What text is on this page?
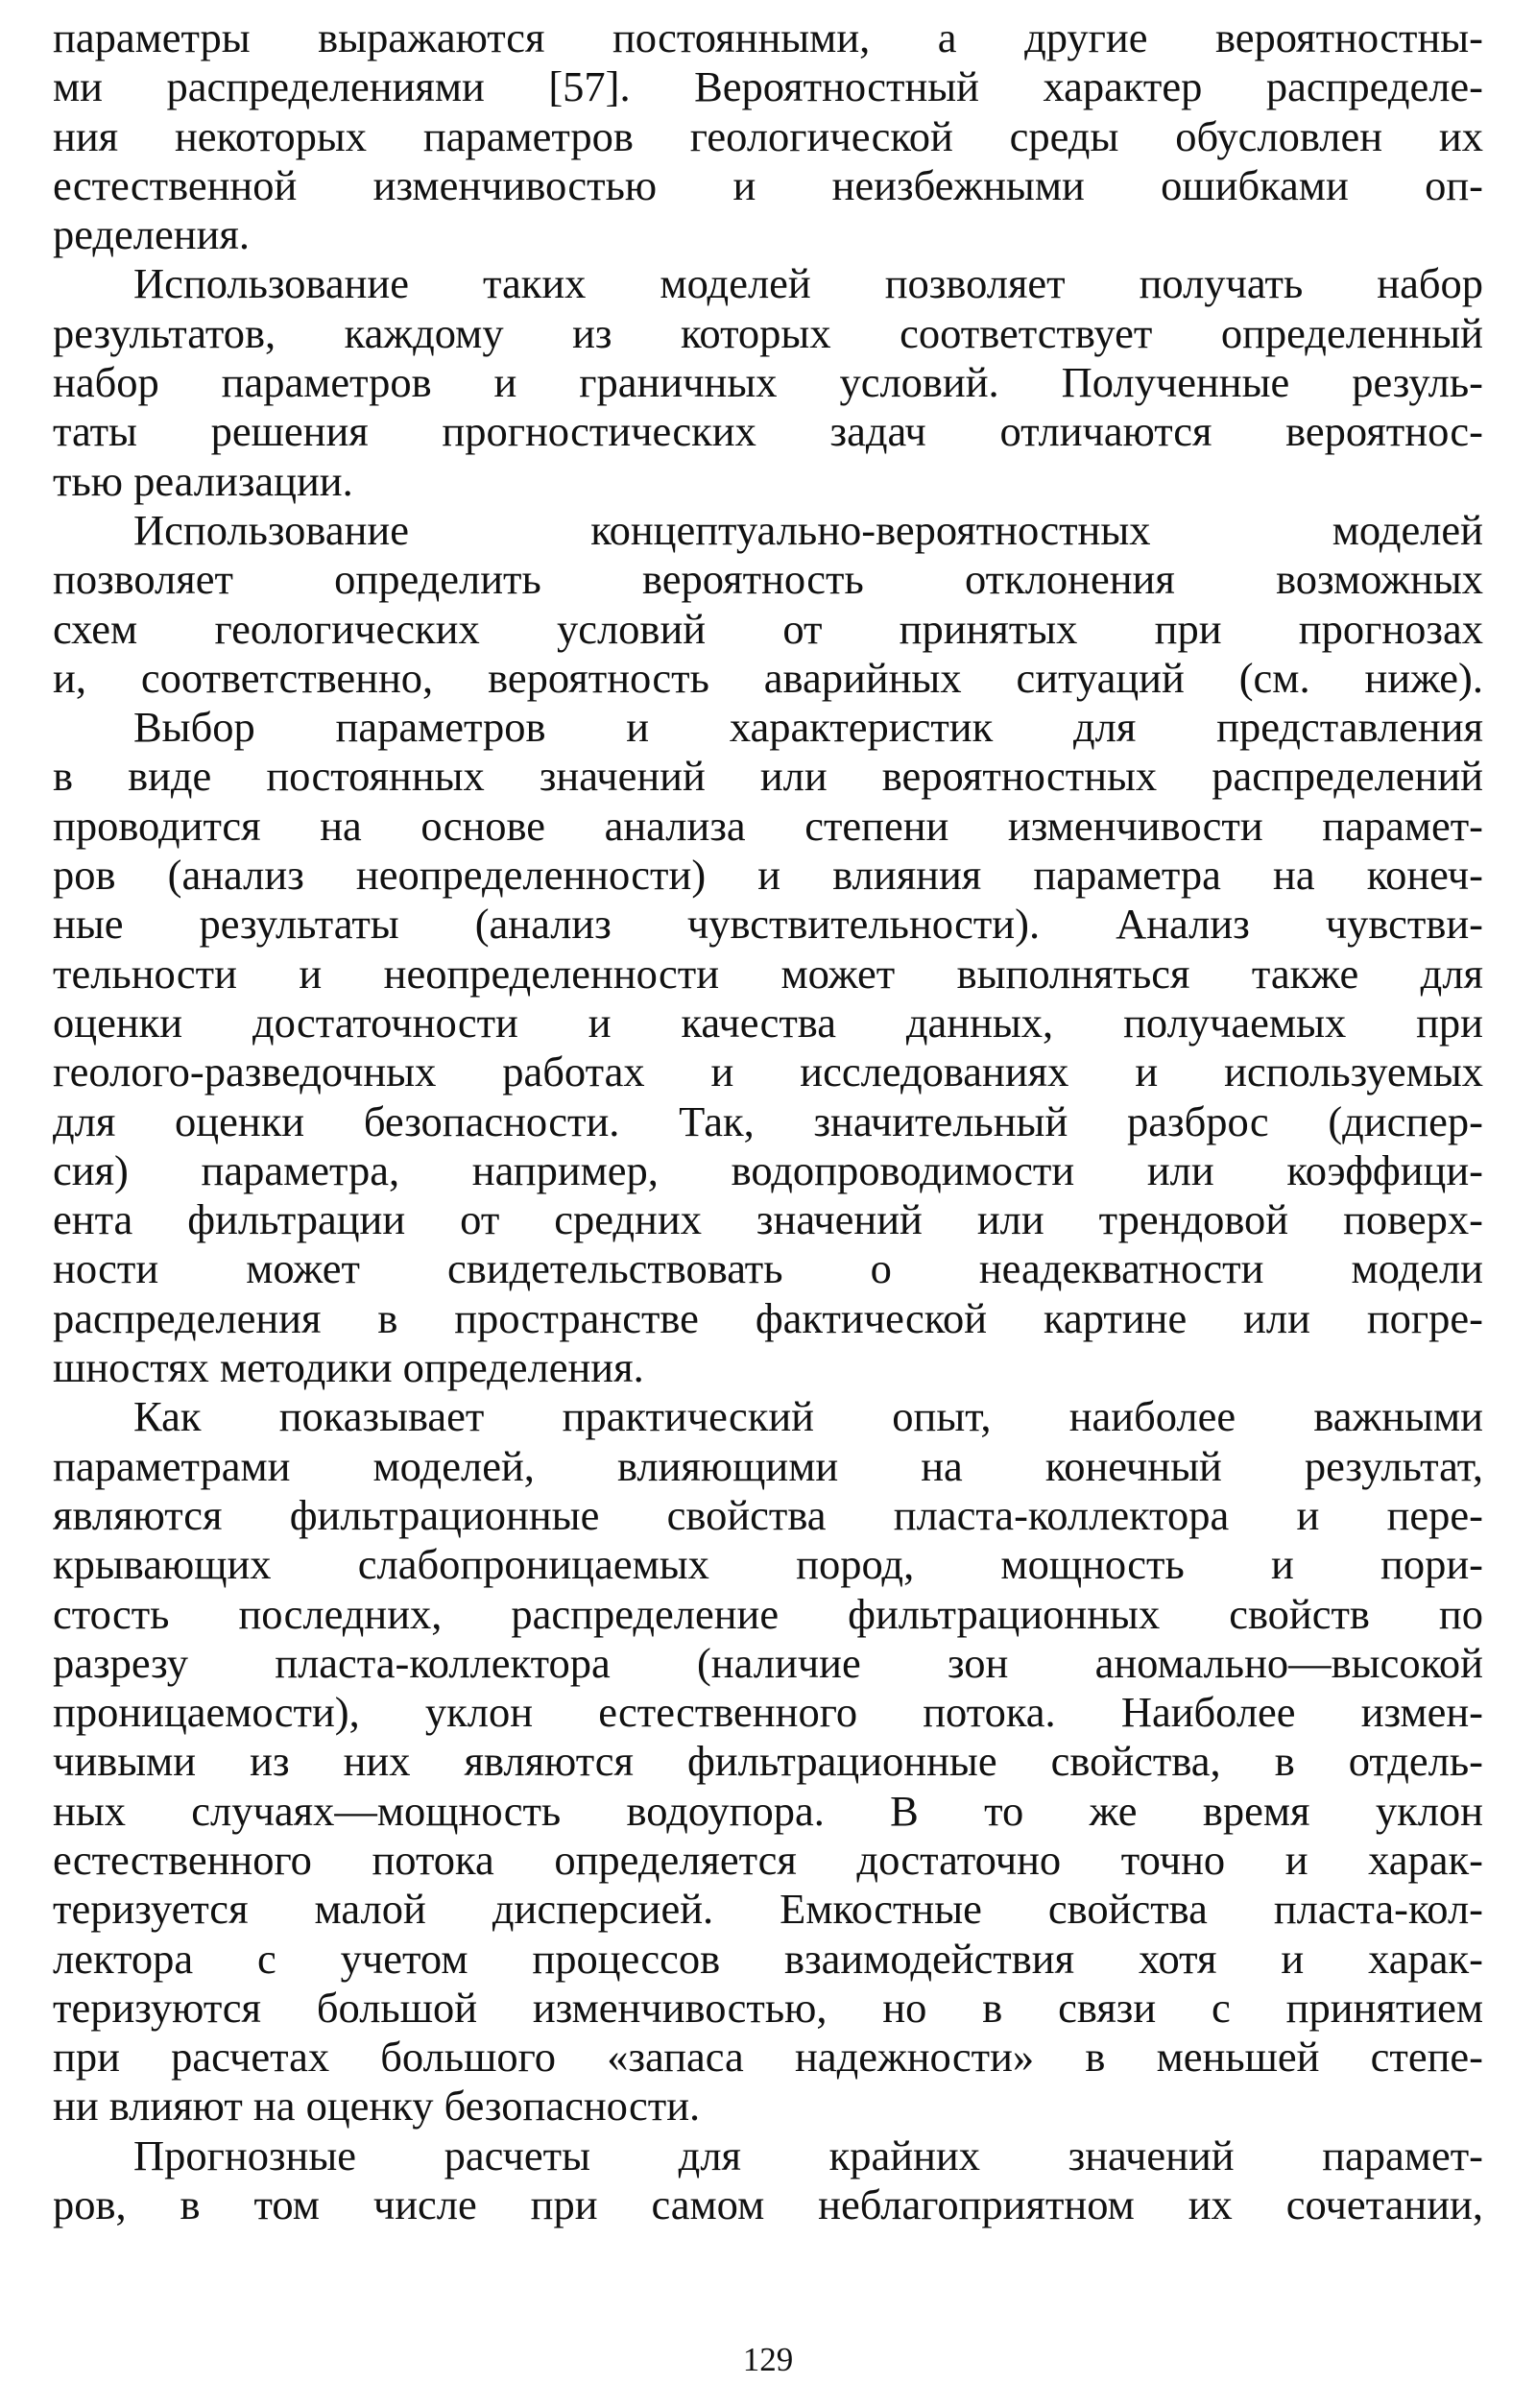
параметры выражаются постоянными, а другие вероятностны-
ми распределениями [57]. Вероятностный характер распределе-
ния некоторых параметров геологической среды обусловлен их
естественной изменчивостью и неизбежными ошибками оп-
ределения.

Использование таких моделей позволяет получать набор
результатов, каждому из которых соответствует определенный
набор параметров и граничных условий. Полученные резуль-
таты решения прогностических задач отличаются вероятнос-
тью реализации.

Использование концептуально-вероятностных моделей
позволяет определить вероятность отклонения возможных
схем геологических условий от принятых при прогнозах
и, соответственно, вероятность аварийных ситуаций (см. ниже).

Выбор параметров и характеристик для представления
в виде постоянных значений или вероятностных распределений
проводится на основе анализа степени изменчивости парамет-
ров (анализ неопределенности) и влияния параметра на конеч-
ные результаты (анализ чувствительности). Анализ чувстви-
тельности и неопределенности может выполняться также для
оценки достаточности и качества данных, получаемых при
геолого-разведочных работах и исследованиях и используемых
для оценки безопасности. Так, значительный разброс (диспер-
сия) параметра, например, водопроводимости или коэффици-
ента фильтрации от средних значений или трендовой поверх-
ности может свидетельствовать о неадекватности модели
распределения в пространстве фактической картине или погре-
шностях методики определения.

Как показывает практический опыт, наиболее важными
параметрами моделей, влияющими на конечный результат,
являются фильтрационные свойства пласта-коллектора и пере-
крывающих слабопроницаемых пород, мощность и пори-
стость последних, распределение фильтрационных свойств по
разрезу пласта-коллектора (наличие зон аномально—высокой
проницаемости), уклон естественного потока. Наиболее измен-
чивыми из них являются фильтрационные свойства, в отдель-
ных случаях—мощность водоупора. В то же время уклон
естественного потока определяется достаточно точно и харак-
теризуется малой дисперсией. Емкостные свойства пласта-кол-
лектора с учетом процессов взаимодействия хотя и харак-
теризуются большой изменчивостью, но в связи с принятием
при расчетах большого «запаса надежности» в меньшей степе-
ни влияют на оценку безопасности.

Прогнозные расчеты для крайних значений парамет-
ров, в том числе при самом неблагоприятном их сочетании,

129
